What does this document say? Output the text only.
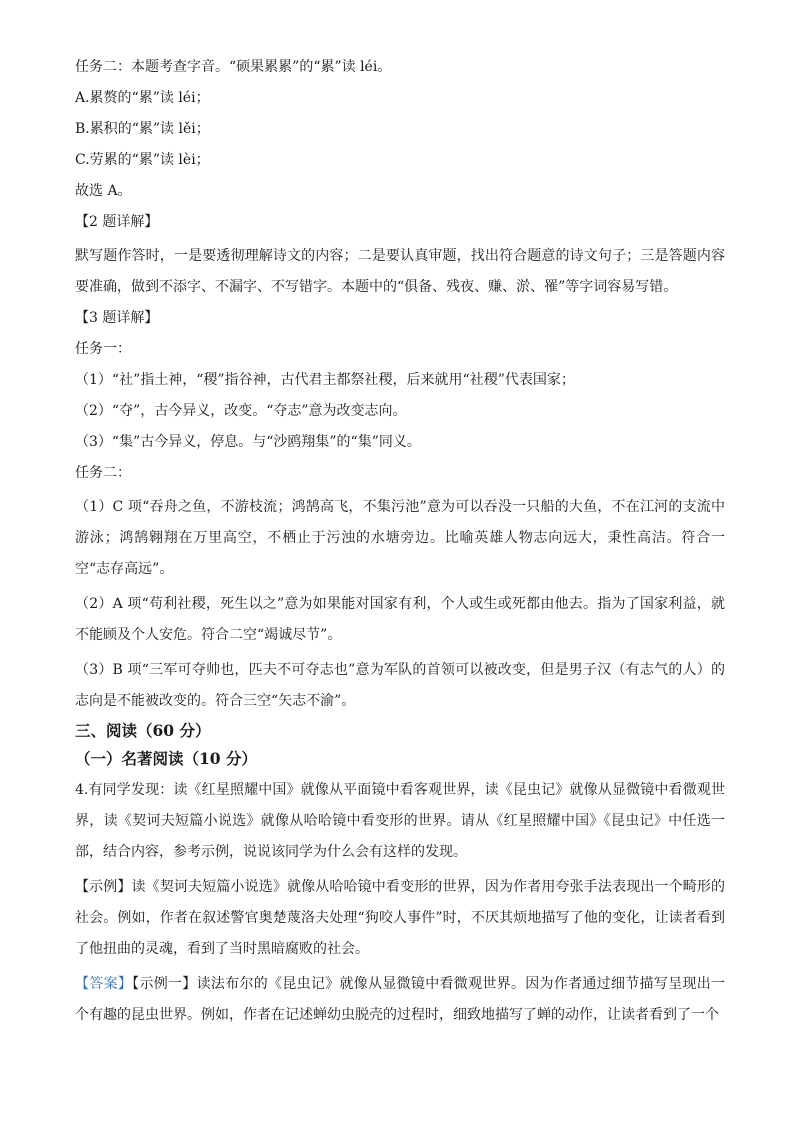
任务二：本题考查字音。“硕果累累”的“累”读 léi。

A.累赘的“累”读 léi；

B.累积的“累”读 lěi；

C.劳累的“累”读 lèi；

故选 A。

【2 题详解】

默写题作答时，一是要透彻理解诗文的内容；二是要认真审题，找出符合题意的诗文句子；三是答题内容要准确，做到不添字、不漏字、不写错字。本题中的“俱备、残夜、赚、淤、罹”等字词容易写错。

【3 题详解】

任务一：

（1）“社”指土神，“稷”指谷神，古代君主都祭社稷，后来就用“社稷”代表国家；

（2）“夺”，古今异义，改变。“夺志”意为改变志向。

（3）“集”古今异义，停息。与“沙鸥翔集”的“集”同义。

任务二：

（1）C 项“吞舟之鱼，不游枝流；鸿鹄高飞，不集污池”意为可以吞没一只船的大鱼，不在江河的支流中游泳；鸿鹄翱翔在万里高空，不栖止于污浊的水塘旁边。比喻英雄人物志向远大，秉性高洁。符合一空“志存高远”。

（2）A 项“苟利社稷，死生以之”意为如果能对国家有利，个人或生或死都由他去。指为了国家利益，就不能顾及个人安危。符合二空“竭诚尽节”。

（3）B 项“三军可夺帅也，匹夫不可夺志也”意为军队的首领可以被改变，但是男子汉（有志气的人）的志向是不能被改变的。符合三空“矢志不渝”。

三、阅读（60 分）

（一）名著阅读（10 分）

4.有同学发现：读《红星照耀中国》就像从平面镜中看客观世界，读《昆虫记》就像从显微镜中看微观世界，读《契诃夫短篇小说选》就像从哈哈镜中看变形的世界。请从《红星照耀中国》《昆虫记》中任选一部，结合内容，参考示例，说说该同学为什么会有这样的发现。

【示例】读《契诃夫短篇小说选》就像从哈哈镜中看变形的世界，因为作者用夸张手法表现出一个畸形的社会。例如，作者在叙述警官奥楚蔑洛夫处理“狗咬人事件”时，不厌其烦地描写了他的变化，让读者看到了他扭曲的灵魂，看到了当时黑暗腐败的社会。

【答案】【示例一】读法布尔的《昆虫记》就像从显微镜中看微观世界。因为作者通过细节描写呈现出一个有趣的昆虫世界。例如，作者在记述蝉幼虫脱壳的过程时，细致地描写了蝉的动作，让读者看到了一个
